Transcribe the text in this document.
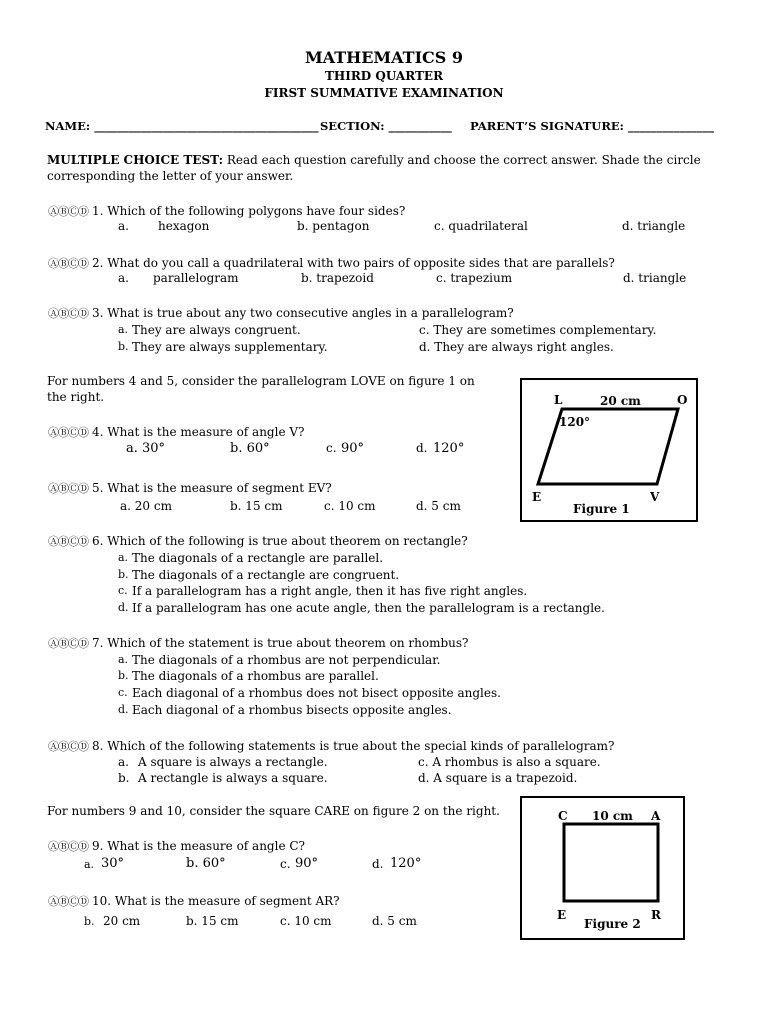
MATHEMATICS 9
THIRD QUARTER
FIRST SUMMATIVE EXAMINATION
NAME: _______________________________________ SECTION: ___________ PARENT’S SIGNATURE: _______________
MULTIPLE CHOICE TEST: Read each question carefully and choose the correct answer. Shade the circle corresponding the letter of your answer.
ⒶⒷⒸⒹ 1. Which of the following polygons have four sides?
a. hexagon	b. pentagon	c. quadrilateral	d. triangle
ⒶⒷⒸⒹ 2. What do you call a quadrilateral with two pairs of opposite sides that are parallels?
a. parallelogram	b. trapezoid	c. trapezium	d. triangle
ⒶⒷⒸⒹ 3. What is true about any two consecutive angles in a parallelogram?
a. They are always congruent.	c. They are sometimes complementary.
b. They are always supplementary.	d. They are always right angles.
For numbers 4 and 5, consider the parallelogram LOVE on figure 1 on the right.
ⒶⒷⒸⒹ 4. What is the measure of angle V?
a. 30°	b. 60°	c. 90°	d. 120°
ⒶⒷⒸⒹ 5. What is the measure of segment EV?
a. 20 cm	b. 15 cm	c. 10 cm	d. 5 cm
L	O
20 cm
120°
E	V
Figure 1
ⒶⒷⒸⒹ 6. Which of the following is true about theorem on rectangle?
a. The diagonals of a rectangle are parallel.
b. The diagonals of a rectangle are congruent.
c. If a parallelogram has a right angle, then it has five right angles.
d. If a parallelogram has one acute angle, then the parallelogram is a rectangle.
ⒶⒷⒸⒹ 7. Which of the statement is true about theorem on rhombus?
a. The diagonals of a rhombus are not perpendicular.
b. The diagonals of a rhombus are parallel.
c. Each diagonal of a rhombus does not bisect opposite angles.
d. Each diagonal of a rhombus bisects opposite angles.
ⒶⒷⒸⒹ 8. Which of the following statements is true about the special kinds of parallelogram?
a. A square is always a rectangle.	c. A rhombus is also a square.
b. A rectangle is always a square.	d. A square is a trapezoid.
For numbers 9 and 10, consider the square CARE on figure 2 on the right.
ⒶⒷⒸⒹ 9. What is the measure of angle C?
a. 30°	b. 60°	c. 90°	d. 120°
ⒶⒷⒸⒹ 10. What is the measure of segment AR?
b. 20 cm	b. 15 cm	c. 10 cm	d. 5 cm
C 10 cm A
E	R
Figure 2
